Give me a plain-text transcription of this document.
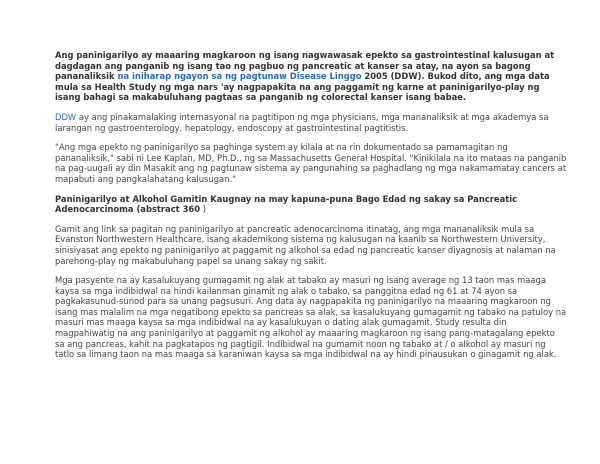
Ang paninigarilyo ay maaaring magkaroon ng isang nagwawasak epekto sa gastrointestinal kalusugan at dagdagan ang panganib ng isang tao ng pagbuo ng pancreatic at kanser sa atay, na ayon sa bagong pananaliksik na iniharap ngayon sa ng pagtunaw Disease Linggo 2005 (DDW). Bukod dito, ang mga data mula sa Health Study ng mga nars 'ay nagpapakita na ang paggamit ng karne at paninigarilyo-play ng isang bahagi sa makabuluhang pagtaas sa panganib ng colorectal kanser isang babae.

DDW ay ang pinakamalaking internasyonal na pagtitipon ng mga physicians, mga mananaliksik at mga akademya sa larangan ng gastroenterology, hepatology, endoscopy at gastrointestinal pagtitistis.

"Ang mga epekto ng paninigarilyo sa paghinga system ay kilala at na rin dokumentado sa pamamagitan ng pananaliksik," sabi ni Lee Kaplan, MD, Ph.D., ng sa Massachusetts General Hospital. "Kinikilala na ito mataas na panganib na pag-uugali ay din Masakit ang ng pagtunaw sistema ay pangunahing sa paghadlang ng mga nakamamatay cancers at mapabuti ang pangkalahatang kalusugan."

Paninigarilyo at Alkohol Gamitin Kaugnay na may kapuna-puna Bago Edad ng sakay sa Pancreatic Adenocarcinoma (abstract 360 )

Gamit ang link sa pagitan ng paninigarilyo at pancreatic adenocarcinoma itinatag, ang mga mananaliksik mula sa Evanston Northwestern Healthcare, isang akademikong sistema ng kalusugan na kaanib sa Northwestern University, sinisiyasat ang epekto ng paninigarilyo at paggamit ng alkohol sa edad ng pancreatic kanser diyagnosis at nalaman na parehong-play ng makabuluhang papel sa unang sakay ng sakit.

Mga pasyente na ay kasalukuyang gumagamit ng alak at tabako ay masuri ng isang average ng 13 taon mas maaga kaysa sa mga indibidwal na hindi kailanman ginamit ng alak o tabako, sa panggitna edad ng 61 at 74 ayon sa pagkakasunud-sunod para sa unang pagsusuri. Ang data ay nagpapakita ng paninigarilyo na maaaring magkaroon ng isang mas malalim na mga negatibong epekto sa pancreas sa alak, sa kasalukuyang gumagamit ng tabako na patuloy na masuri mas maaga kaysa sa mga indibidwal na ay kasalukuyan o dating alak gumagamit. Study resulta din magpahiwatig na ang paninigarilyo at paggamit ng alkohol ay maaaring magkaroon ng isang pang-matagalang epekto sa ang pancreas, kahit na pagkatapos ng pagtigil. Indibidwal na gumamit noon ng tabako at / o alkohol ay masuri ng tatlo sa limang taon na mas maaga sa karaniwan kaysa sa mga indibidwal na ay hindi pinausukan o ginagamit ng alak.
